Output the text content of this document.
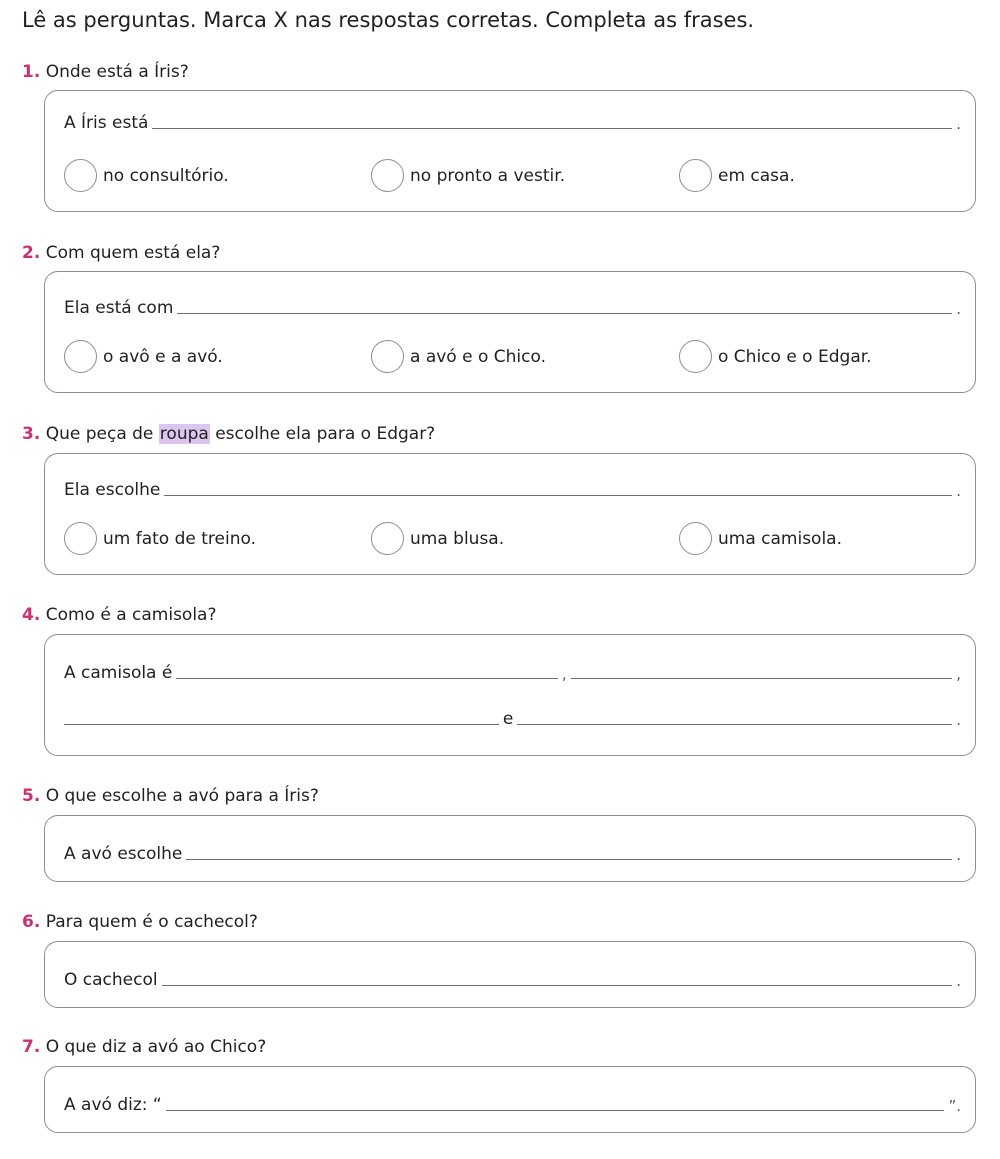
Lê as perguntas. Marca X nas respostas corretas. Completa as frases.
1. Onde está a Íris?
A Íris está	.
no consultório.	no pronto a vestir.	em casa.
2. Com quem está ela?
Ela está com	.
o avô e a avó.	a avó e o Chico.	o Chico e o Edgar.
3. Que peça de roupa escolhe ela para o Edgar?
Ela escolhe	.
um fato de treino.	uma blusa.	uma camisola.
4. Como é a camisola?
A camisola é	,	,
e	.
5. O que escolhe a avó para a Íris?
A avó escolhe	.
6. Para quem é o cachecol?
O cachecol	.
7. O que diz a avó ao Chico?
A avó diz: “	”.
